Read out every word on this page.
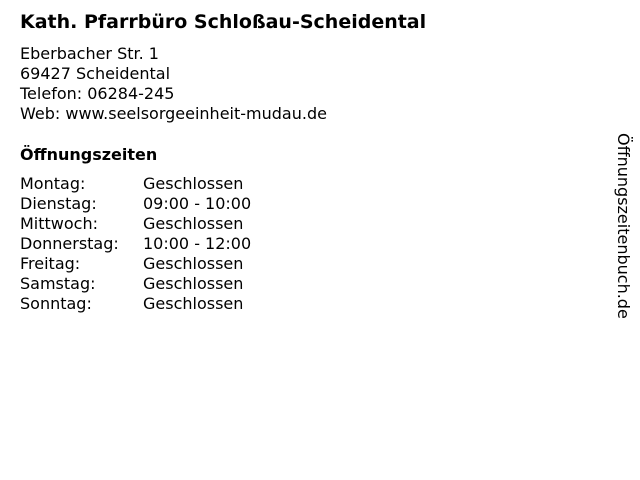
Kath. Pfarrbüro Schloßau-Scheidental
Eberbacher Str. 1
69427 Scheidental
Telefon: 06284-245
Web: www.seelsorgeeinheit-mudau.de
Öffnungszeiten
Montag:	Geschlossen
Dienstag:	09:00 - 10:00
Mittwoch:	Geschlossen
Donnerstag:	10:00 - 12:00
Freitag:	Geschlossen
Samstag:	Geschlossen
Sonntag:	Geschlossen	Öffnungszeitenbuch.de
